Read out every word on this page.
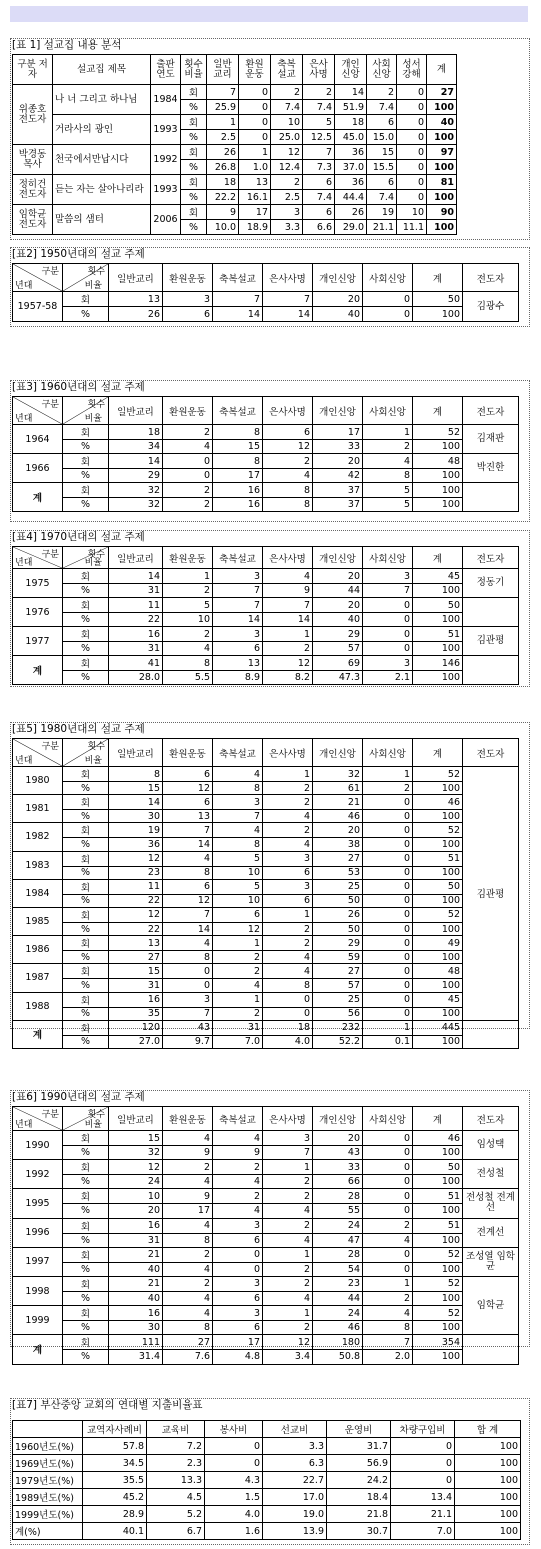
[표 1] 설교집 내용 분석
구분 저자	설교집 제목	출판 연도	횟수 비율	일반 교리	환원 운동	축복 설교	은사 사명	개인 신앙	사회 신앙	성서 강해	계
위종호 전도자	나 너 그리고 하나님	1984	회	7	0	2	2	14	2	0	27
			%	25.9	0	7.4	7.4	51.9	7.4	0	100
	거라사의 광인	1993	회	1	0	10	5	18	6	0	40
			%	2.5	0	25.0	12.5	45.0	15.0	0	100
박경동 목사	천국에서만납시다	1992	회	26	1	12	7	36	15	0	97
			%	26.8	1.0	12.4	7.3	37.0	15.5	0	100
정히건 전도자	듣는 자는 살아나리라	1993	회	18	13	2	6	36	6	0	81
			%	22.2	16.1	2.5	7.4	44.4	7.4	0	100
임학균 전도자	말씀의 샘터	2006	회	9	17	3	6	26	19	10	90
			%	10.0	18.9	3.3	6.6	29.0	21.1	11.1	100
[표2] 1950년대의 설교 주제
구분
년대	횟수
비율	일반교리	환원운동	축복설교	은사사명	개인신앙	사회신앙	계	전도자
1957-58	회	13	3	7	7	20	0	50	김광수
	%	26	6	14	14	40	0	100	
[표3] 1960년대의 설교 주제
구분
년대	횟수
비율	일반교리	환원운동	축복설교	은사사명	개인신앙	사회신앙	계	전도자
1964	회	18	2	8	6	17	1	52	김재판
	%	34	4	15	12	33	2	100	
1966	회	14	0	8	2	20	4	48	박진한
	%	29	0	17	4	42	8	100	
계	회	32	2	16	8	37	5	100	
	%	32	2	16	8	37	5	100	
[표4] 1970년대의 설교 주제
구분
년대	횟수
비율	일반교리	환원운동	축복설교	은사사명	개인신앙	사회신앙	계	전도자
1975	회	14	1	3	4	20	3	45	정동기
	%	31	2	7	9	44	7	100	
1976	회	11	5	7	7	20	0	50	
	%	22	10	14	14	40	0	100	
1977	회	16	2	3	1	29	0	51	김관평
	%	31	4	6	2	57	0	100	
계	회	41	8	13	12	69	3	146	
	%	28.0	5.5	8.9	8.2	47.3	2.1	100	
[표5] 1980년대의 설교 주제
구분
년대	횟수
비율	일반교리	환원운동	축복설교	은사사명	개인신앙	사회신앙	계	전도자
1980	회	8	6	4	1	32	1	52	김관평
	%	15	12	8	2	61	2	100	
1981	회	14	6	3	2	21	0	46	
	%	30	13	7	4	46	0	100	
1982	회	19	7	4	2	20	0	52	
	%	36	14	8	4	38	0	100	
1983	회	12	4	5	3	27	0	51	
	%	23	8	10	6	53	0	100	
1984	회	11	6	5	3	25	0	50	
	%	22	12	10	6	50	0	100	
1985	회	12	7	6	1	26	0	52	
	%	22	14	12	2	50	0	100	
1986	회	13	4	1	2	29	0	49	
	%	27	8	2	4	59	0	100	
1987	회	15	0	2	4	27	0	48	
	%	31	0	4	8	57	0	100	
1988	회	16	3	1	0	25	0	45	
	%	35	7	2	0	56	0	100	
계	회	120	43	31	18	232	1	445	
	%	27.0	9.7	7.0	4.0	52.2	0.1	100	
[표6] 1990년대의 설교 주제
구분
년대	횟수
비율	일반교리	환원운동	축복설교	은사사명	개인신앙	사회신앙	계	전도자
1990	회	15	4	4	3	20	0	46	임성택
	%	32	9	9	7	43	0	100	
1992	회	12	2	2	1	33	0	50	전성철
	%	24	4	4	2	66	0	100	
1995	회	10	9	2	2	28	0	51	전성철 전계선
	%	20	17	4	4	55	0	100	
1996	회	16	4	3	2	24	2	51	전계선
	%	31	8	6	4	47	4	100	
1997	회	21	2	0	1	28	0	52	조성열 임학균
	%	40	4	0	2	54	0	100	
1998	회	21	2	3	2	23	1	52	임학균
	%	40	4	6	4	44	2	100	
1999	회	16	4	3	1	24	4	52	
	%	30	8	6	2	46	8	100	
계	회	111	27	17	12	180	7	354	
	%	31.4	7.6	4.8	3.4	50.8	2.0	100	
[표7] 부산중앙 교회의 연대별 지출비율표
	교역자사례비	교육비	봉사비	선교비	운영비	차량구입비	합 계
1960년도(%)	57.8	7.2	0	3.3	31.7	0	100
1969년도(%)	34.5	2.3	0	6.3	56.9	0	100
1979년도(%)	35.5	13.3	4.3	22.7	24.2	0	100
1989년도(%)	45.2	4.5	1.5	17.0	18.4	13.4	100
1999년도(%)	28.9	5.2	4.0	19.0	21.8	21.1	100
계(%)	40.1	6.7	1.6	13.9	30.7	7.0	100
